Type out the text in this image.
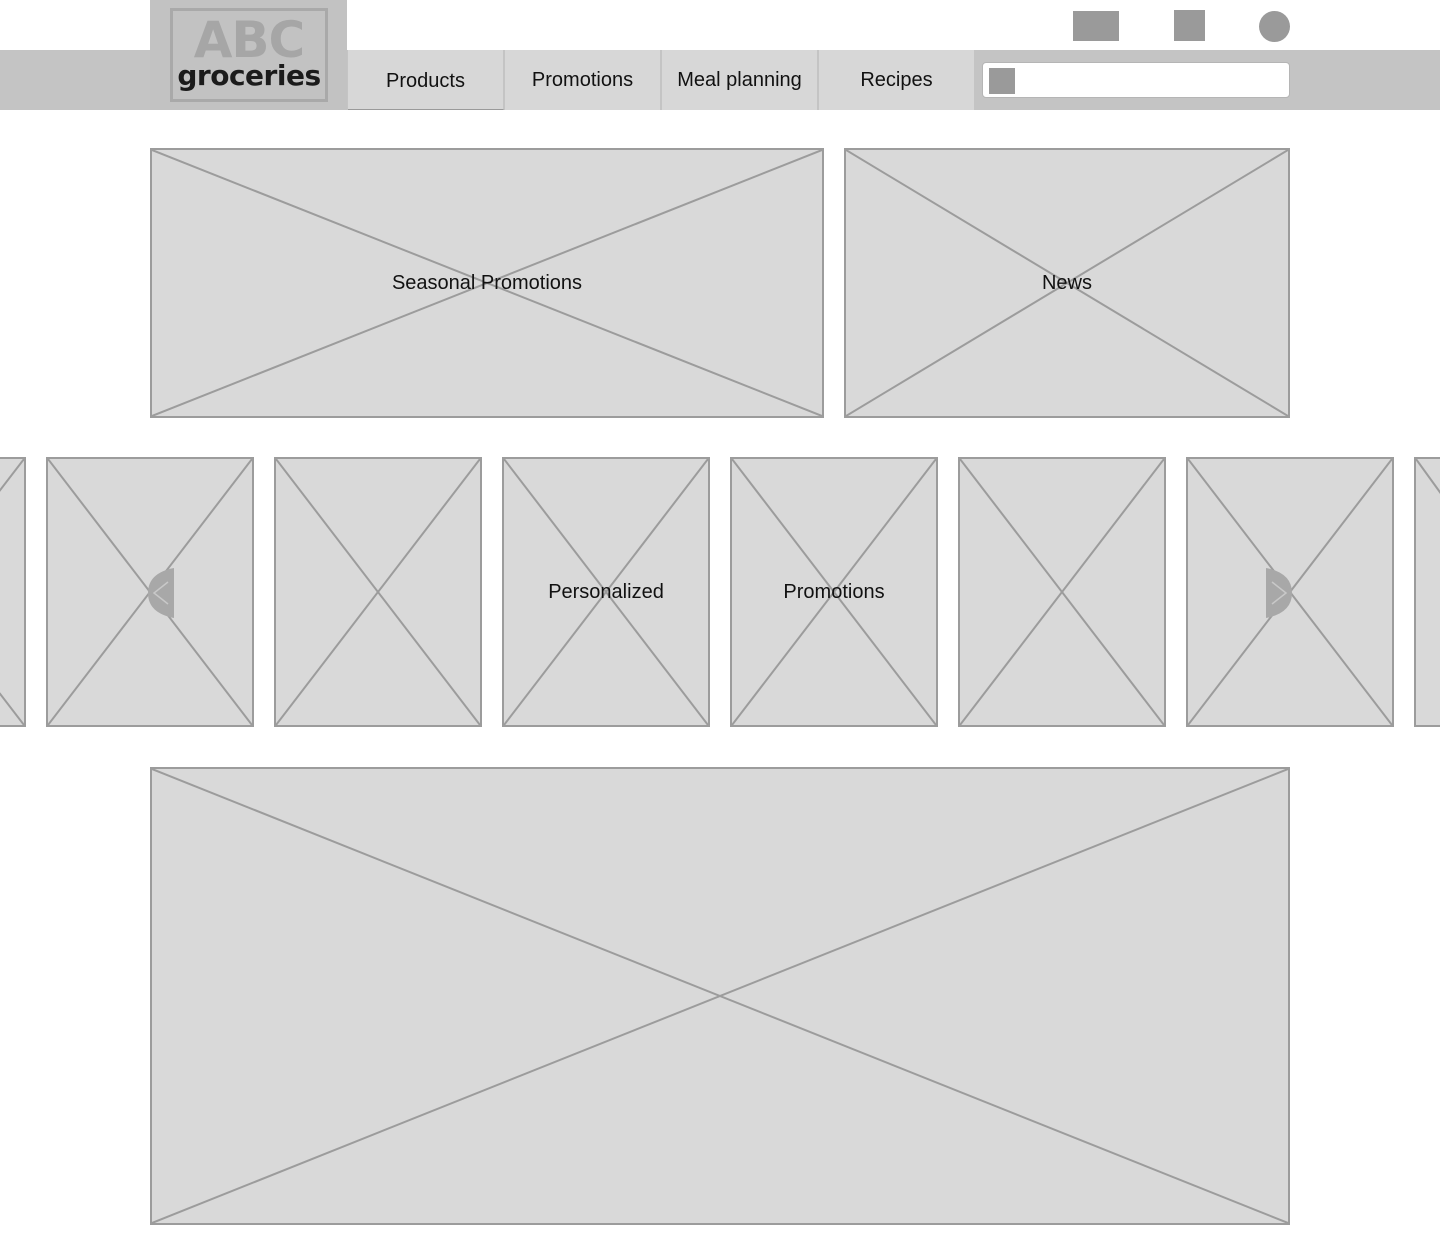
ABC
groceries	Products	Promotions	Meal planning	Recipes
Seasonal Promotions	News
Personalized	Promotions
